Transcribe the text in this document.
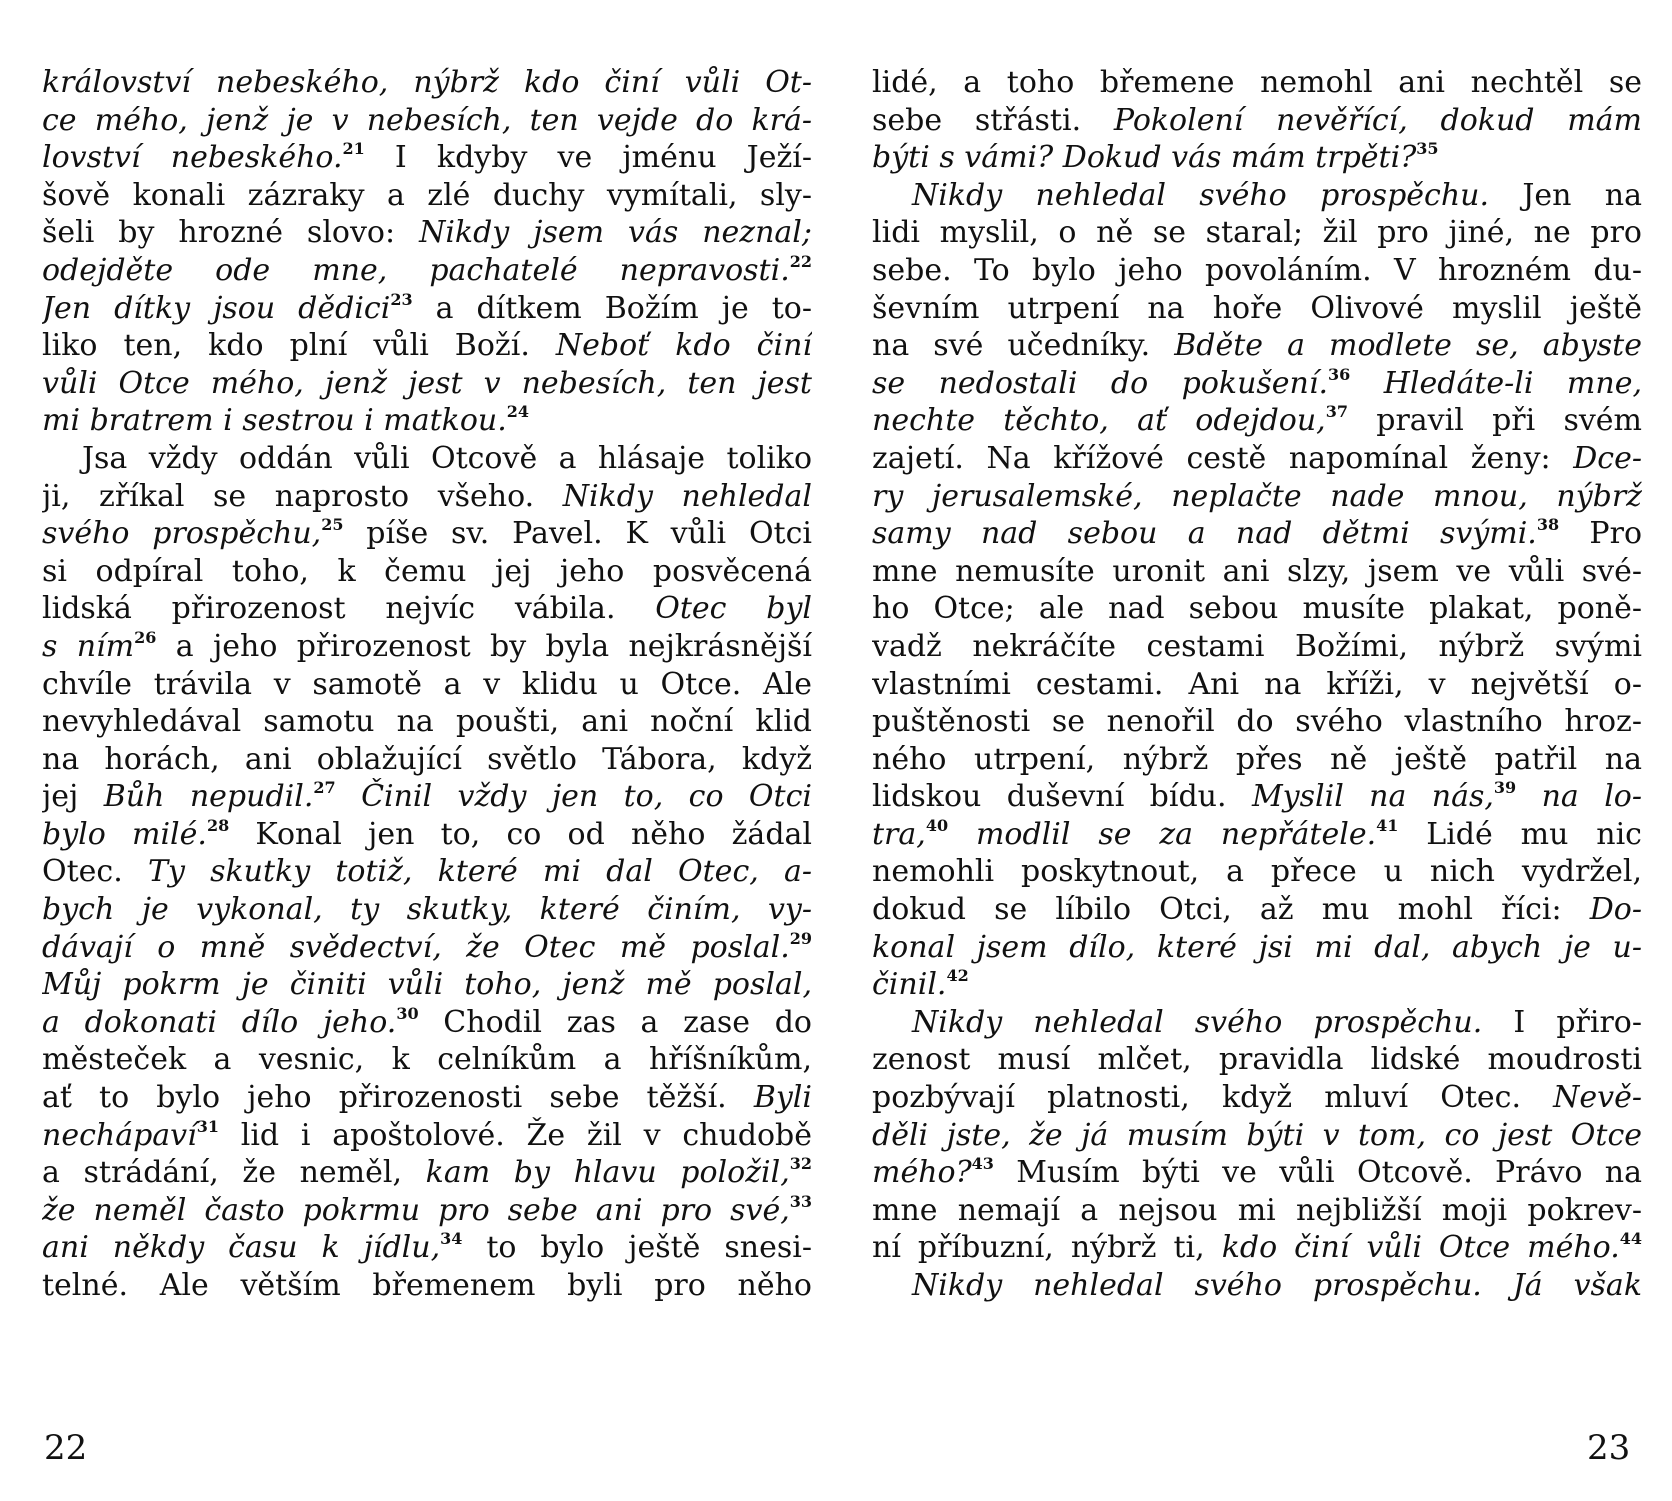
království nebeského, nýbrž kdo činí vůli Ot-
ce mého, jenž je v nebesích, ten vejde do krá-
lovství nebeského.$^{21}$ I kdyby ve jménu Ježí-
šově konali zázraky a zlé duchy vymítali, sly-
šeli by hrozné slovo: Nikdy jsem vás neznal;
odejděte ode mne, pachatelé nepravosti.$^{22}$
Jen dítky jsou dědici$^{23}$ a dítkem Božím je to-
liko ten, kdo plní vůli Boží. Neboť kdo činí
vůli Otce mého, jenž jest v nebesích, ten jest
mi bratrem i sestrou i matkou.$^{24}$
Jsa vždy oddán vůli Otcově a hlásaje toliko
ji, zříkal se naprosto všeho. Nikdy nehledal
svého prospěchu,$^{25}$ píše sv. Pavel. K vůli Otci
si odpíral toho, k čemu jej jeho posvěcená
lidská přirozenost nejvíc vábila. Otec byl
s ním$^{26}$ a jeho přirozenost by byla nejkrásnější
chvíle trávila v samotě a v klidu u Otce. Ale
nevyhledával samotu na poušti, ani noční klid
na horách, ani oblažující světlo Tábora, když
jej Bůh nepudil.$^{27}$ Činil vždy jen to, co Otci
bylo milé.$^{28}$ Konal jen to, co od něho žádal
Otec. Ty skutky totiž, které mi dal Otec, a-
bych je vykonal, ty skutky, které činím, vy-
dávají o mně svědectví, že Otec mě poslal.$^{29}$
Můj pokrm je činiti vůli toho, jenž mě poslal,
a dokonati dílo jeho.$^{30}$ Chodil zas a zase do
městeček a vesnic, k celníkům a hříšníkům,
ať to bylo jeho přirozenosti sebe těžší. Byli
nechápaví$^{31}$ lid i apoštolové. Že žil v chudobě
a strádání, že neměl, kam by hlavu položil,$^{32}$
že neměl často pokrmu pro sebe ani pro své,$^{33}$
ani někdy času k jídlu,$^{34}$ to bylo ještě snesi-
telné. Ale větším břemenem byli pro něho
22
lidé, a toho břemene nemohl ani nechtěl se
sebe střásti. Pokolení nevěřící, dokud mám
býti s vámi? Dokud vás mám trpěti?$^{35}$
Nikdy nehledal svého prospěchu. Jen na
lidi myslil, o ně se staral; žil pro jiné, ne pro
sebe. To bylo jeho povoláním. V hrozném du-
ševním utrpení na hoře Olivové myslil ještě
na své učedníky. Bděte a modlete se, abyste
se nedostali do pokušení.$^{36}$ Hledáte-li mne,
nechte těchto, ať odejdou,$^{37}$ pravil při svém
zajetí. Na křížové cestě napomínal ženy: Dce-
ry jerusalemské, neplačte nade mnou, nýbrž
samy nad sebou a nad dětmi svými.$^{38}$ Pro
mne nemusíte uronit ani slzy, jsem ve vůli své-
ho Otce; ale nad sebou musíte plakat, poně-
vadž nekráčíte cestami Božími, nýbrž svými
vlastními cestami. Ani na kříži, v největší o-
puštěnosti se nenořil do svého vlastního hroz-
ného utrpení, nýbrž přes ně ještě patřil na
lidskou duševní bídu. Myslil na nás,$^{39}$ na lo-
tra,$^{40}$ modlil se za nepřátele.$^{41}$ Lidé mu nic
nemohli poskytnout, a přece u nich vydržel,
dokud se líbilo Otci, až mu mohl říci: Do-
konal jsem dílo, které jsi mi dal, abych je u-
činil.$^{42}$
Nikdy nehledal svého prospěchu. I přiro-
zenost musí mlčet, pravidla lidské moudrosti
pozbývají platnosti, když mluví Otec. Nevě-
děli jste, že já musím býti v tom, co jest Otce
mého?$^{43}$ Musím býti ve vůli Otcově. Právo na
mne nemají a nejsou mi nejbližší moji pokrev-
ní příbuzní, nýbrž ti, kdo činí vůli Otce mého.$^{44}$
Nikdy nehledal svého prospěchu. Já však
23
